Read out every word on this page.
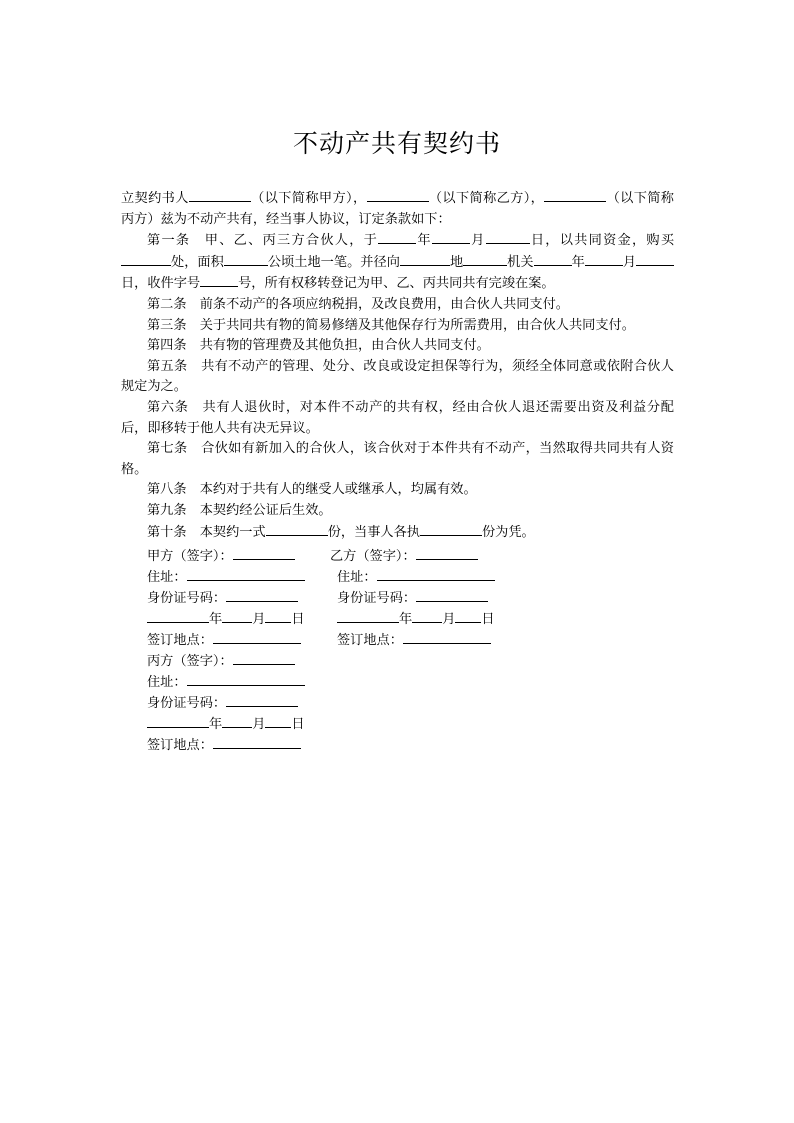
不动产共有契约书

立契约书人	（以下简称甲方），	（以下简称乙方），	（以下简称丙方）兹为不动产共有，经当事人协议，订定条款如下：

第一条　甲、乙、丙三方合伙人，于	年	月	日，以共同资金，购买处，面积	公顷土地一笔。并径向	地	机关	年	月日，收件字号	号，所有权移转登记为甲、乙、丙共同共有完竣在案。

第二条　前条不动产的各项应纳税捐，及改良费用，由合伙人共同支付。

第三条　关于共同共有物的简易修缮及其他保存行为所需费用，由合伙人共同支付。

第四条　共有物的管理费及其他负担，由合伙人共同支付。

第五条　共有不动产的管理、处分、改良或设定担保等行为，须经全体同意或依附合伙人规定为之。

第六条　共有人退伙时，对本件不动产的共有权，经由合伙人退还需要出资及利益分配后，即移转于他人共有决无异议。

第七条　合伙如有新加入的合伙人，该合伙对于本件共有不动产，当然取得共同共有人资格。

第八条　本约对于共有人的继受人或继承人，均属有效。

第九条　本契约经公证后生效。

第十条　本契约一式	份，当事人各执	份为凭。

甲方（签字）：	乙方（签字）：
住址：	住址：
身份证号码：	身份证号码：
年 月 日	年 月 日
签订地点：	签订地点：
丙方（签字）：
住址：
身份证号码：
年 月 日
签订地点：
